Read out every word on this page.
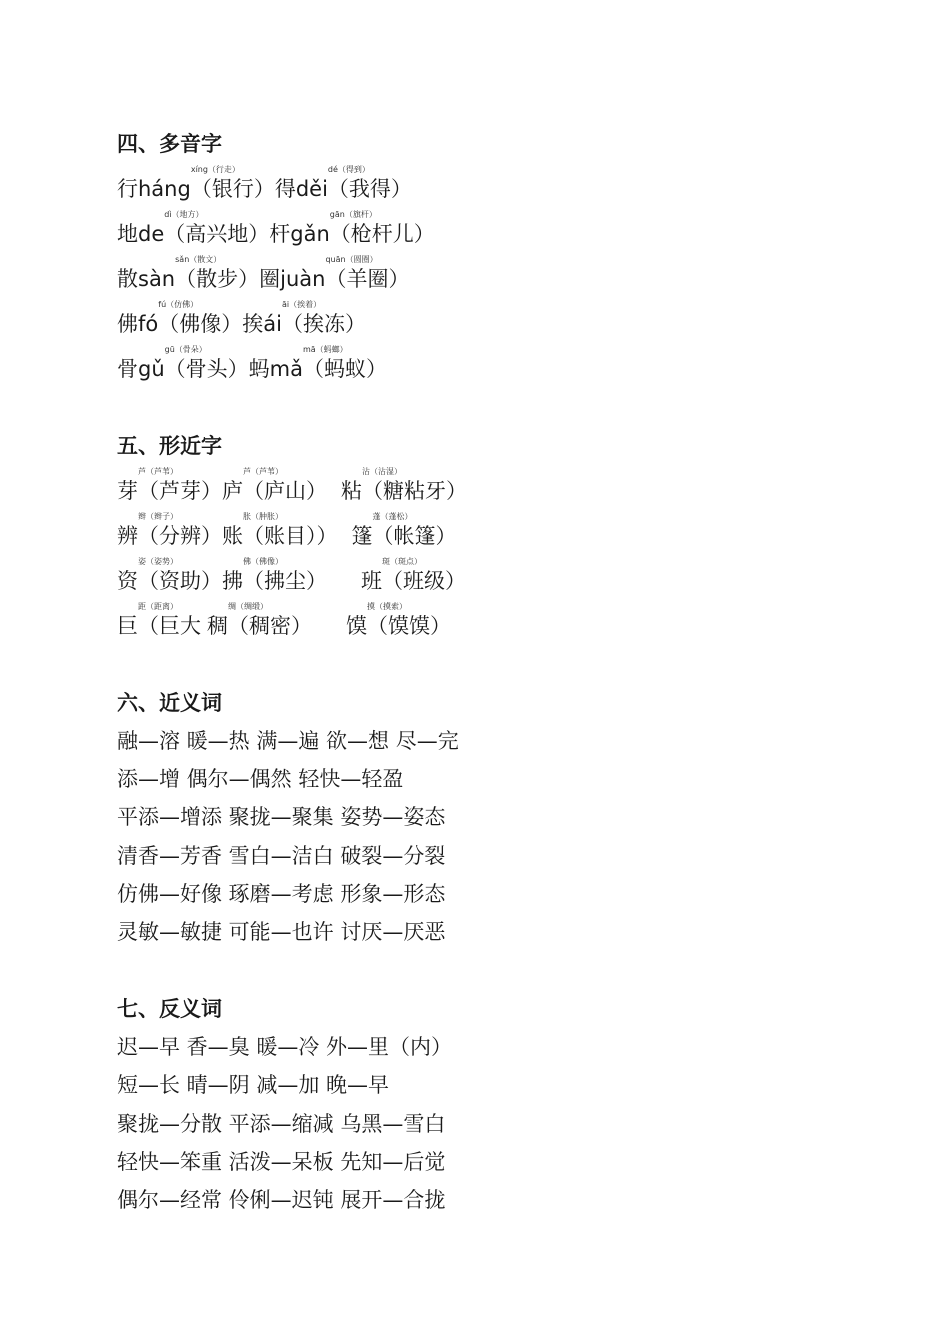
四、多音字
行háng
xíng（行走）
（银行）得děi
dé（得到）
（我得）
地de
dì（地方）
（高兴地）杆gǎn
gān（旗杆）
（枪杆儿）
散sàn
sǎn（散文）
（散步）圈juàn
quān（圆圈）
（羊圈）
佛fó
fú（仿佛）
（佛像）挨ái
āi（挨着）
（挨冻）
骨gǔ
gū（骨朵）
（骨头）蚂mǎ
mā（蚂螂）
（蚂蚁）
五、形近字
芽
芦（芦苇）
（芦芽）庐
芦（芦苇）
（庐山） 粘
沾（沾湿）
（糖粘牙）
辨
辫（辫子）
（分辨）账
胀（肿胀）
（账目）） 篷
蓬（蓬松）
（帐篷）
资
姿（姿势）
（资助）拂
佛（佛像）
（拂尘） 班
斑（斑点）
（班级）
巨
距（距离）
（巨大 稠
绸（绸缎）
（稠密） 馍
摸（摸索）
（馍馍）
六、近义词
融—溶 暖—热 满—遍 欲—想 尽—完
添—增 偶尔—偶然 轻快—轻盈
平添—增添 聚拢—聚集 姿势—姿态
清香—芳香 雪白—洁白 破裂—分裂
仿佛—好像 琢磨—考虑 形象—形态
灵敏—敏捷 可能—也许 讨厌—厌恶
七、反义词
迟—早 香—臭 暖—冷 外—里（内）
短—长 晴—阴 减—加 晚—早
聚拢—分散 平添—缩减 乌黑—雪白
轻快—笨重 活泼—呆板 先知—后觉
偶尔—经常 伶俐—迟钝 展开—合拢
